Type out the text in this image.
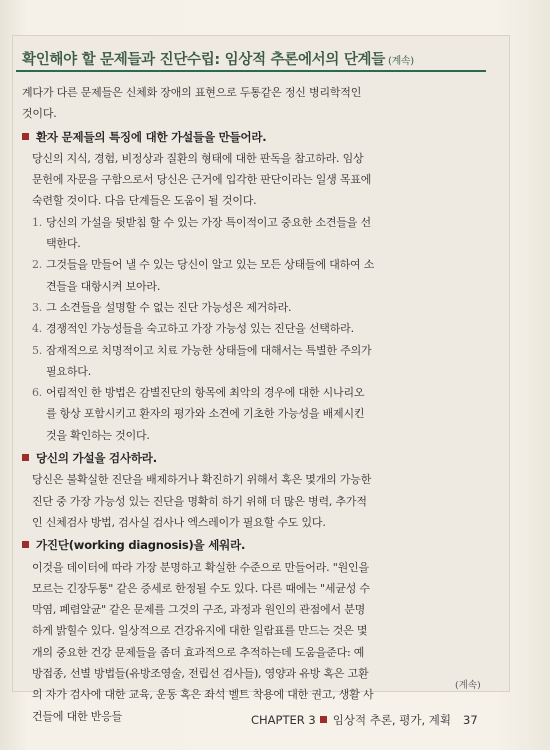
확인해야 할 문제들과 진단수립: 임상적 추론에서의 단계들 (계속)

계다가 다른 문제들은 신체화 장애의 표현으로 두통같은 정신 병리학적인

것이다.

환자 문제들의 특징에 대한 가설들을 만들어라.

당신의 지식, 경험, 비정상과 질환의 형태에 대한 판독을 참고하라. 임상

문헌에 자문을 구함으로서 당신은 근거에 입각한 판단이라는 일생 목표에

숙련할 것이다. 다음 단계들은 도움이 될 것이다.

1. 당신의 가설을 뒷받침 할 수 있는 가장 특이적이고 중요한 소견들을 선

택한다.

2. 그것들을 만들어 낼 수 있는 당신이 알고 있는 모든 상태들에 대하여 소

견들을 대항시켜 보아라.

3. 그 소견들을 설명할 수 없는 진단 가능성은 제거하라.

4. 경쟁적인 가능성들을 숙고하고 가장 가능성 있는 진단을 선택하라.

5. 잠재적으로 치명적이고 치료 가능한 상태들에 대해서는 특별한 주의가

필요하다.

6. 어림적인 한 방법은 감별진단의 항목에 최악의 경우에 대한 시나리오

를 항상 포함시키고 환자의 평가와 소견에 기초한 가능성을 배제시킨

것을 확인하는 것이다.

당신의 가설을 검사하라.

당신은 불확실한 진단을 배제하거나 확진하기 위해서 혹은 몇개의 가능한

진단 중 가장 가능성 있는 진단을 명확히 하기 위해 더 많은 병력, 추가적

인 신체검사 방법, 검사실 검사나 엑스레이가 필요할 수도 있다.

가진단(working diagnosis)을 세워라.

이것을 데이터에 따라 가장 분명하고 확실한 수준으로 만들어라. "원인을

모르는 긴장두통" 같은 증세로 한정될 수도 있다. 다른 때에는 "세균성 수

막염, 폐렴알균" 같은 문제를 그것의 구조, 과정과 원인의 관점에서 분명

하게 밝힐수 있다. 일상적으로 건강유지에 대한 일람표를 만드는 것은 몇

개의 중요한 건강 문제들을 좀더 효과적으로 추적하는데 도움을준다: 예

방접종, 선별 방법들(유방조영술, 전립선 검사들), 영양과 유방 혹은 고환

의 자가 검사에 대한 교육, 운동 혹은 좌석 벨트 착용에 대한 권고, 생활 사

건들에 대한 반응들

(계속)
CHAPTER 3 임상적 추론, 평가, 계획 37
